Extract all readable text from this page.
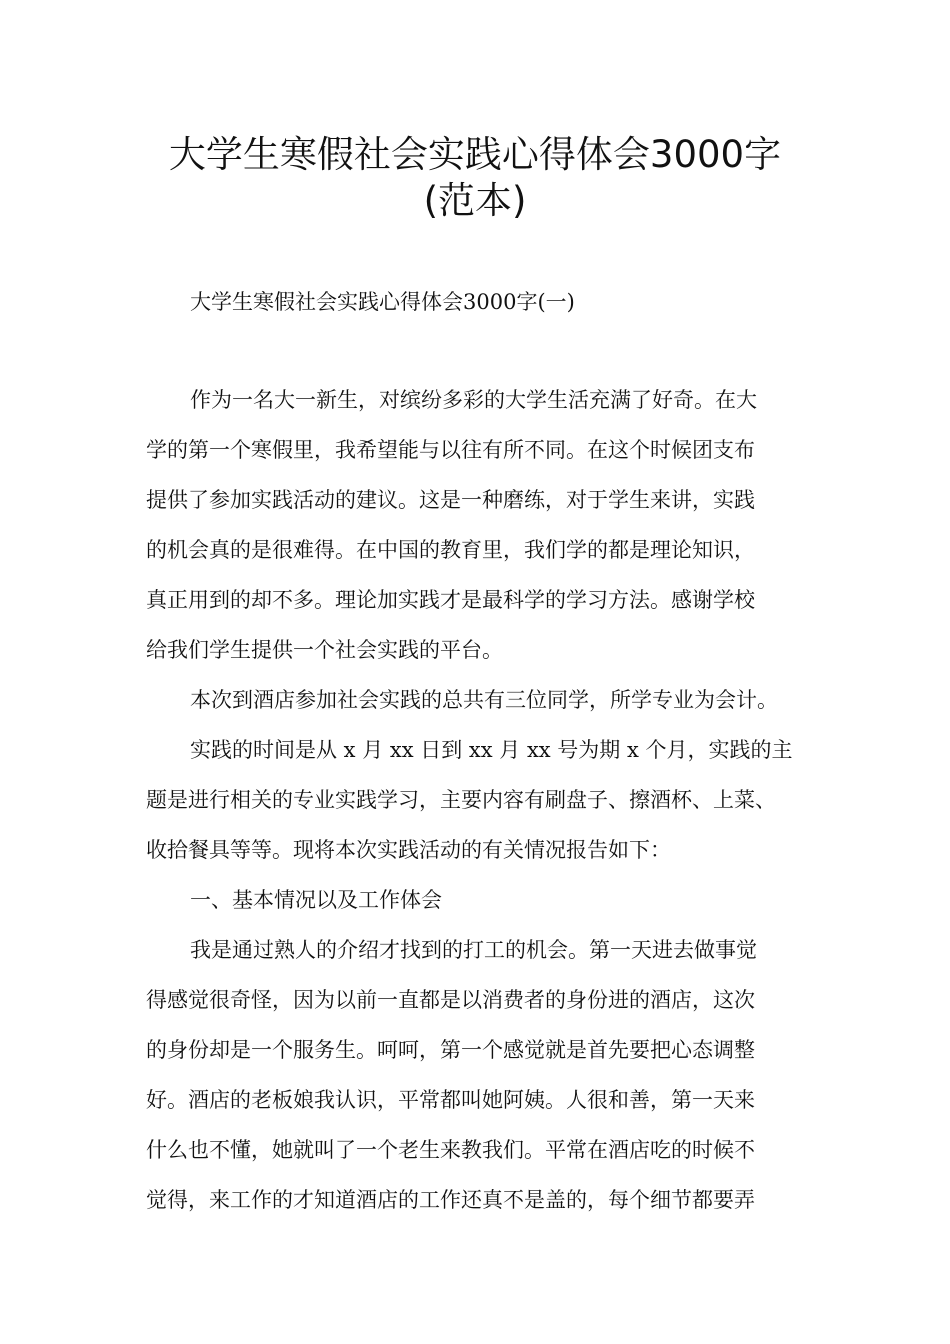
大学生寒假社会实践心得体会3000字
(范本)

大学生寒假社会实践心得体会3000字(一)

作为一名大一新生，对缤纷多彩的大学生活充满了好奇。在大

学的第一个寒假里，我希望能与以往有所不同。在这个时候团支布

提供了参加实践活动的建议。这是一种磨练，对于学生来讲，实践

的机会真的是很难得。在中国的教育里，我们学的都是理论知识，

真正用到的却不多。理论加实践才是最科学的学习方法。感谢学校

给我们学生提供一个社会实践的平台。

本次到酒店参加社会实践的总共有三位同学，所学专业为会计。

实践的时间是从 x 月 xx 日到 xx 月 xx 号为期 x 个月，实践的主

题是进行相关的专业实践学习，主要内容有刷盘子、擦酒杯、上菜、

收拾餐具等等。现将本次实践活动的有关情况报告如下：

一、基本情况以及工作体会

我是通过熟人的介绍才找到的打工的机会。第一天进去做事觉

得感觉很奇怪，因为以前一直都是以消费者的身份进的酒店，这次

的身份却是一个服务生。呵呵，第一个感觉就是首先要把心态调整

好。酒店的老板娘我认识，平常都叫她阿姨。人很和善，第一天来

什么也不懂，她就叫了一个老生来教我们。平常在酒店吃的时候不

觉得，来工作的才知道酒店的工作还真不是盖的，每个细节都要弄
